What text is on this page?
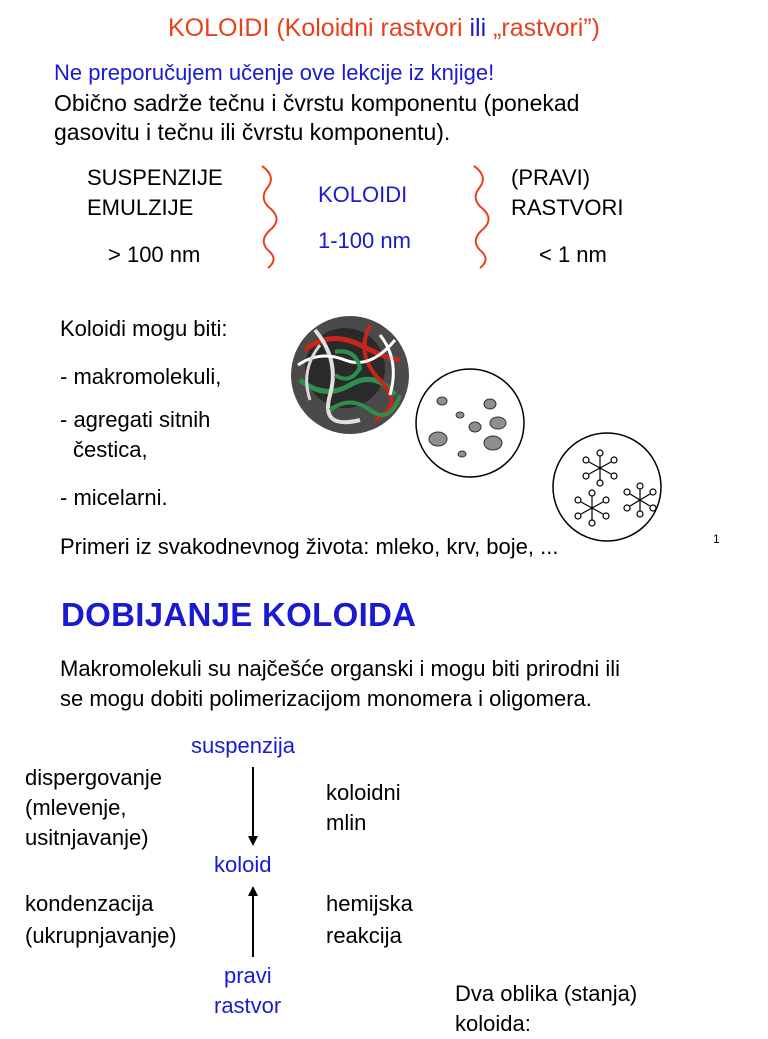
KOLOIDI (Koloidni rastvori ili „rastvori”)
Ne preporučujem učenje ove lekcije iz knjige!
Obično sadrže tečnu i čvrstu komponentu (ponekad
gasovitu i tečnu ili čvrstu komponentu).
SUSPENZIJE
EMULZIJE
> 100 nm
KOLOIDI
1-100 nm
(PRAVI)
RASTVORI
< 1 nm
Koloidi mogu biti:
- makromolekuli,
- agregati sitnih
čestica,
- micelarni.
Primeri iz svakodnevnog života: mleko, krv, boje, ...	1
DOBIJANJE KOLOIDA
Makromolekuli su najčešće organski i mogu biti prirodni ili
se mogu dobiti polimerizacijom monomera i oligomera.
suspenzija
dispergovanje
(mlevenje,
usitnjavanje)
koloidni
mlin
koloid
kondenzacija
(ukrupnjavanje)
hemijska
reakcija
pravi
rastvor	Dva oblika (stanja)
koloida:
